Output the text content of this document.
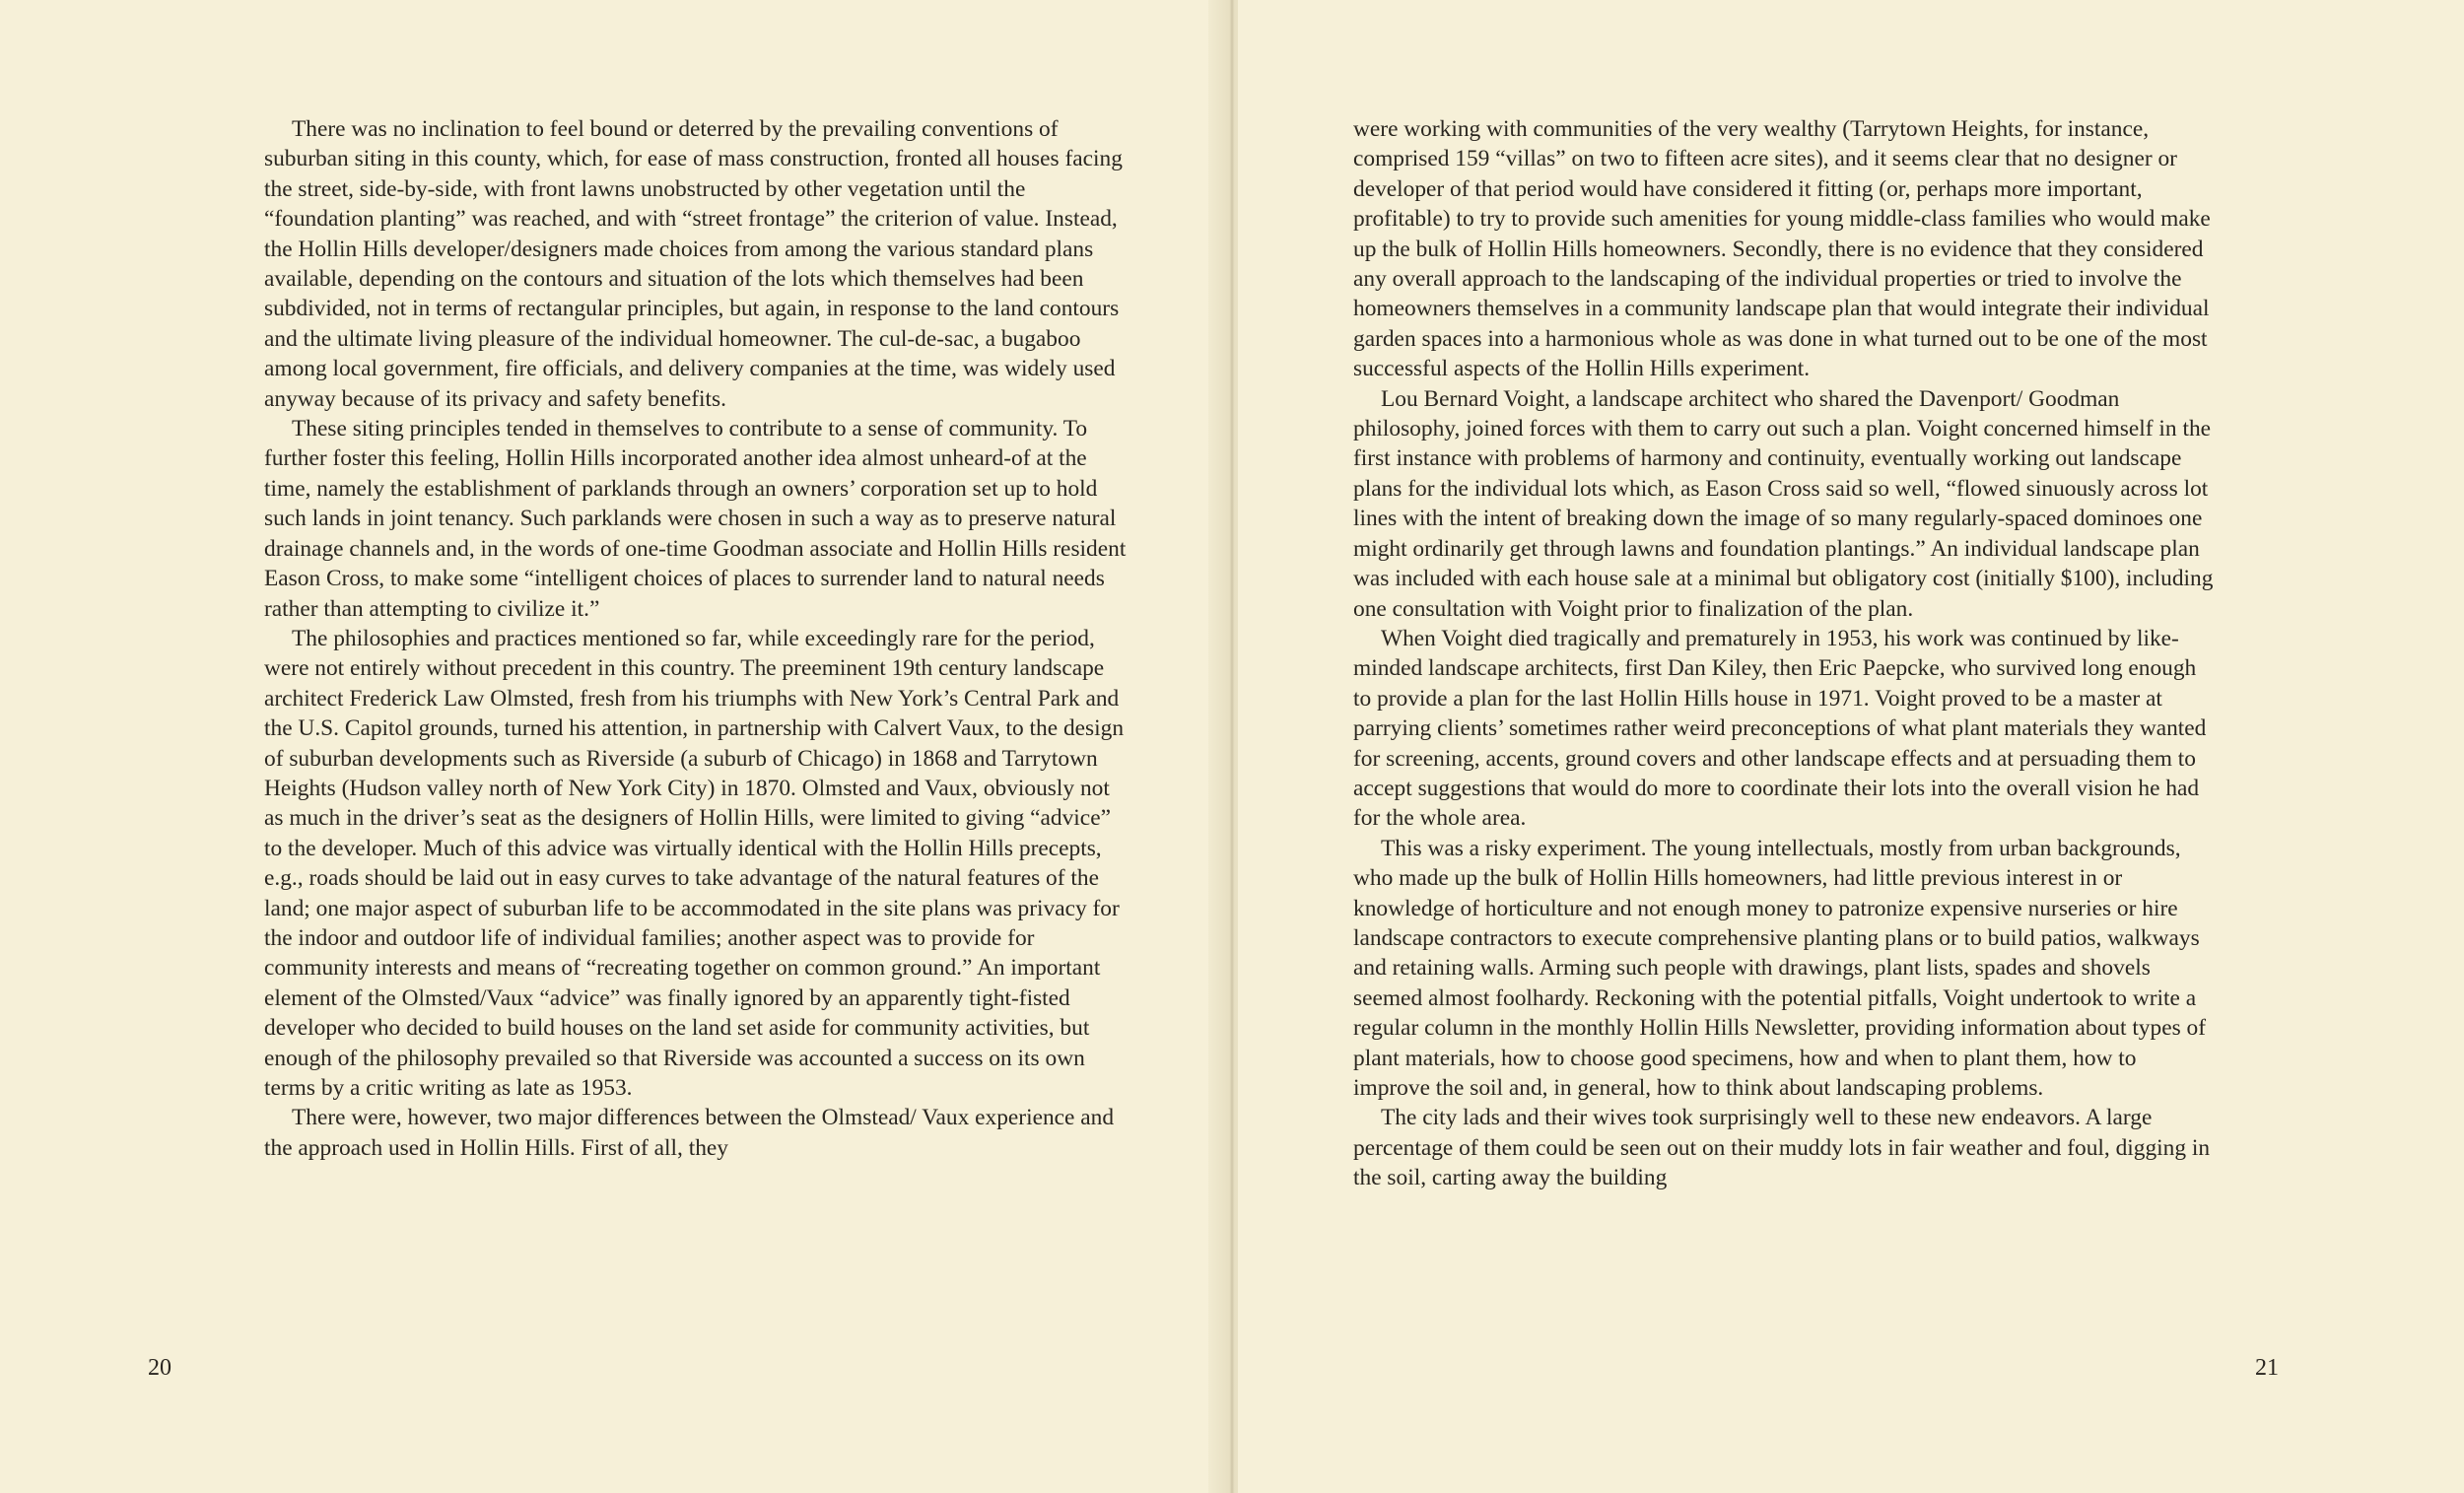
There was no inclination to feel bound or deterred by the prevailing conventions of suburban siting in this county, which, for ease of mass construction, fronted all houses facing the street, side-by-side, with front lawns unobstructed by other vegetation until the “foundation planting” was reached, and with “street frontage” the criterion of value. Instead, the Hollin Hills developer/designers made choices from among the various standard plans available, depending on the contours and situation of the lots which themselves had been subdivided, not in terms of rectangular principles, but again, in response to the land contours and the ultimate living pleasure of the individual homeowner. The cul-de-sac, a bugaboo among local government, fire officials, and delivery companies at the time, was widely used anyway because of its privacy and safety benefits.

These siting principles tended in themselves to contribute to a sense of community. To further foster this feeling, Hollin Hills incorporated another idea almost unheard-of at the time, namely the establishment of parklands through an owners’ corporation set up to hold such lands in joint tenancy. Such parklands were chosen in such a way as to preserve natural drainage channels and, in the words of one-time Goodman associate and Hollin Hills resident Eason Cross, to make some “intelligent choices of places to surrender land to natural needs rather than attempting to civilize it.”

The philosophies and practices mentioned so far, while exceedingly rare for the period, were not entirely without precedent in this country. The preeminent 19th century landscape architect Frederick Law Olmsted, fresh from his triumphs with New York’s Central Park and the U.S. Capitol grounds, turned his attention, in partnership with Calvert Vaux, to the design of suburban developments such as Riverside (a suburb of Chicago) in 1868 and Tarrytown Heights (Hudson valley north of New York City) in 1870. Olmsted and Vaux, obviously not as much in the driver’s seat as the designers of Hollin Hills, were limited to giving “advice” to the developer. Much of this advice was virtually identical with the Hollin Hills precepts, e.g., roads should be laid out in easy curves to take advantage of the natural features of the land; one major aspect of suburban life to be accommodated in the site plans was privacy for the indoor and outdoor life of individual families; another aspect was to provide for community interests and means of “recreating together on common ground.” An important element of the Olmsted/Vaux “advice” was finally ignored by an apparently tight-fisted developer who decided to build houses on the land set aside for community activities, but enough of the philosophy prevailed so that Riverside was accounted a success on its own terms by a critic writing as late as 1953.

There were, however, two major differences between the Olmstead/ Vaux experience and the approach used in Hollin Hills. First of all, they

20

were working with communities of the very wealthy (Tarrytown Heights, for instance, comprised 159 “villas” on two to fifteen acre sites), and it seems clear that no designer or developer of that period would have considered it fitting (or, perhaps more important, profitable) to try to provide such amenities for young middle-class families who would make up the bulk of Hollin Hills homeowners. Secondly, there is no evidence that they considered any overall approach to the landscaping of the individual properties or tried to involve the homeowners themselves in a community landscape plan that would integrate their individual garden spaces into a harmonious whole as was done in what turned out to be one of the most successful aspects of the Hollin Hills experiment.

Lou Bernard Voight, a landscape architect who shared the Davenport/ Goodman philosophy, joined forces with them to carry out such a plan. Voight concerned himself in the first instance with problems of harmony and continuity, eventually working out landscape plans for the individual lots which, as Eason Cross said so well, “flowed sinuously across lot lines with the intent of breaking down the image of so many regularly-spaced dominoes one might ordinarily get through lawns and foundation plantings.” An individual landscape plan was included with each house sale at a minimal but obligatory cost (initially $100), including one consultation with Voight prior to finalization of the plan.

When Voight died tragically and prematurely in 1953, his work was continued by like-minded landscape architects, first Dan Kiley, then Eric Paepcke, who survived long enough to provide a plan for the last Hollin Hills house in 1971. Voight proved to be a master at parrying clients’ sometimes rather weird preconceptions of what plant materials they wanted for screening, accents, ground covers and other landscape effects and at persuading them to accept suggestions that would do more to coordinate their lots into the overall vision he had for the whole area.

This was a risky experiment. The young intellectuals, mostly from urban backgrounds, who made up the bulk of Hollin Hills homeowners, had little previous interest in or knowledge of horticulture and not enough money to patronize expensive nurseries or hire landscape contractors to execute comprehensive planting plans or to build patios, walkways and retaining walls. Arming such people with drawings, plant lists, spades and shovels seemed almost foolhardy. Reckoning with the potential pitfalls, Voight undertook to write a regular column in the monthly Hollin Hills Newsletter, providing information about types of plant materials, how to choose good specimens, how and when to plant them, how to improve the soil and, in general, how to think about landscaping problems.

The city lads and their wives took surprisingly well to these new endeavors. A large percentage of them could be seen out on their muddy lots in fair weather and foul, digging in the soil, carting away the building

21
